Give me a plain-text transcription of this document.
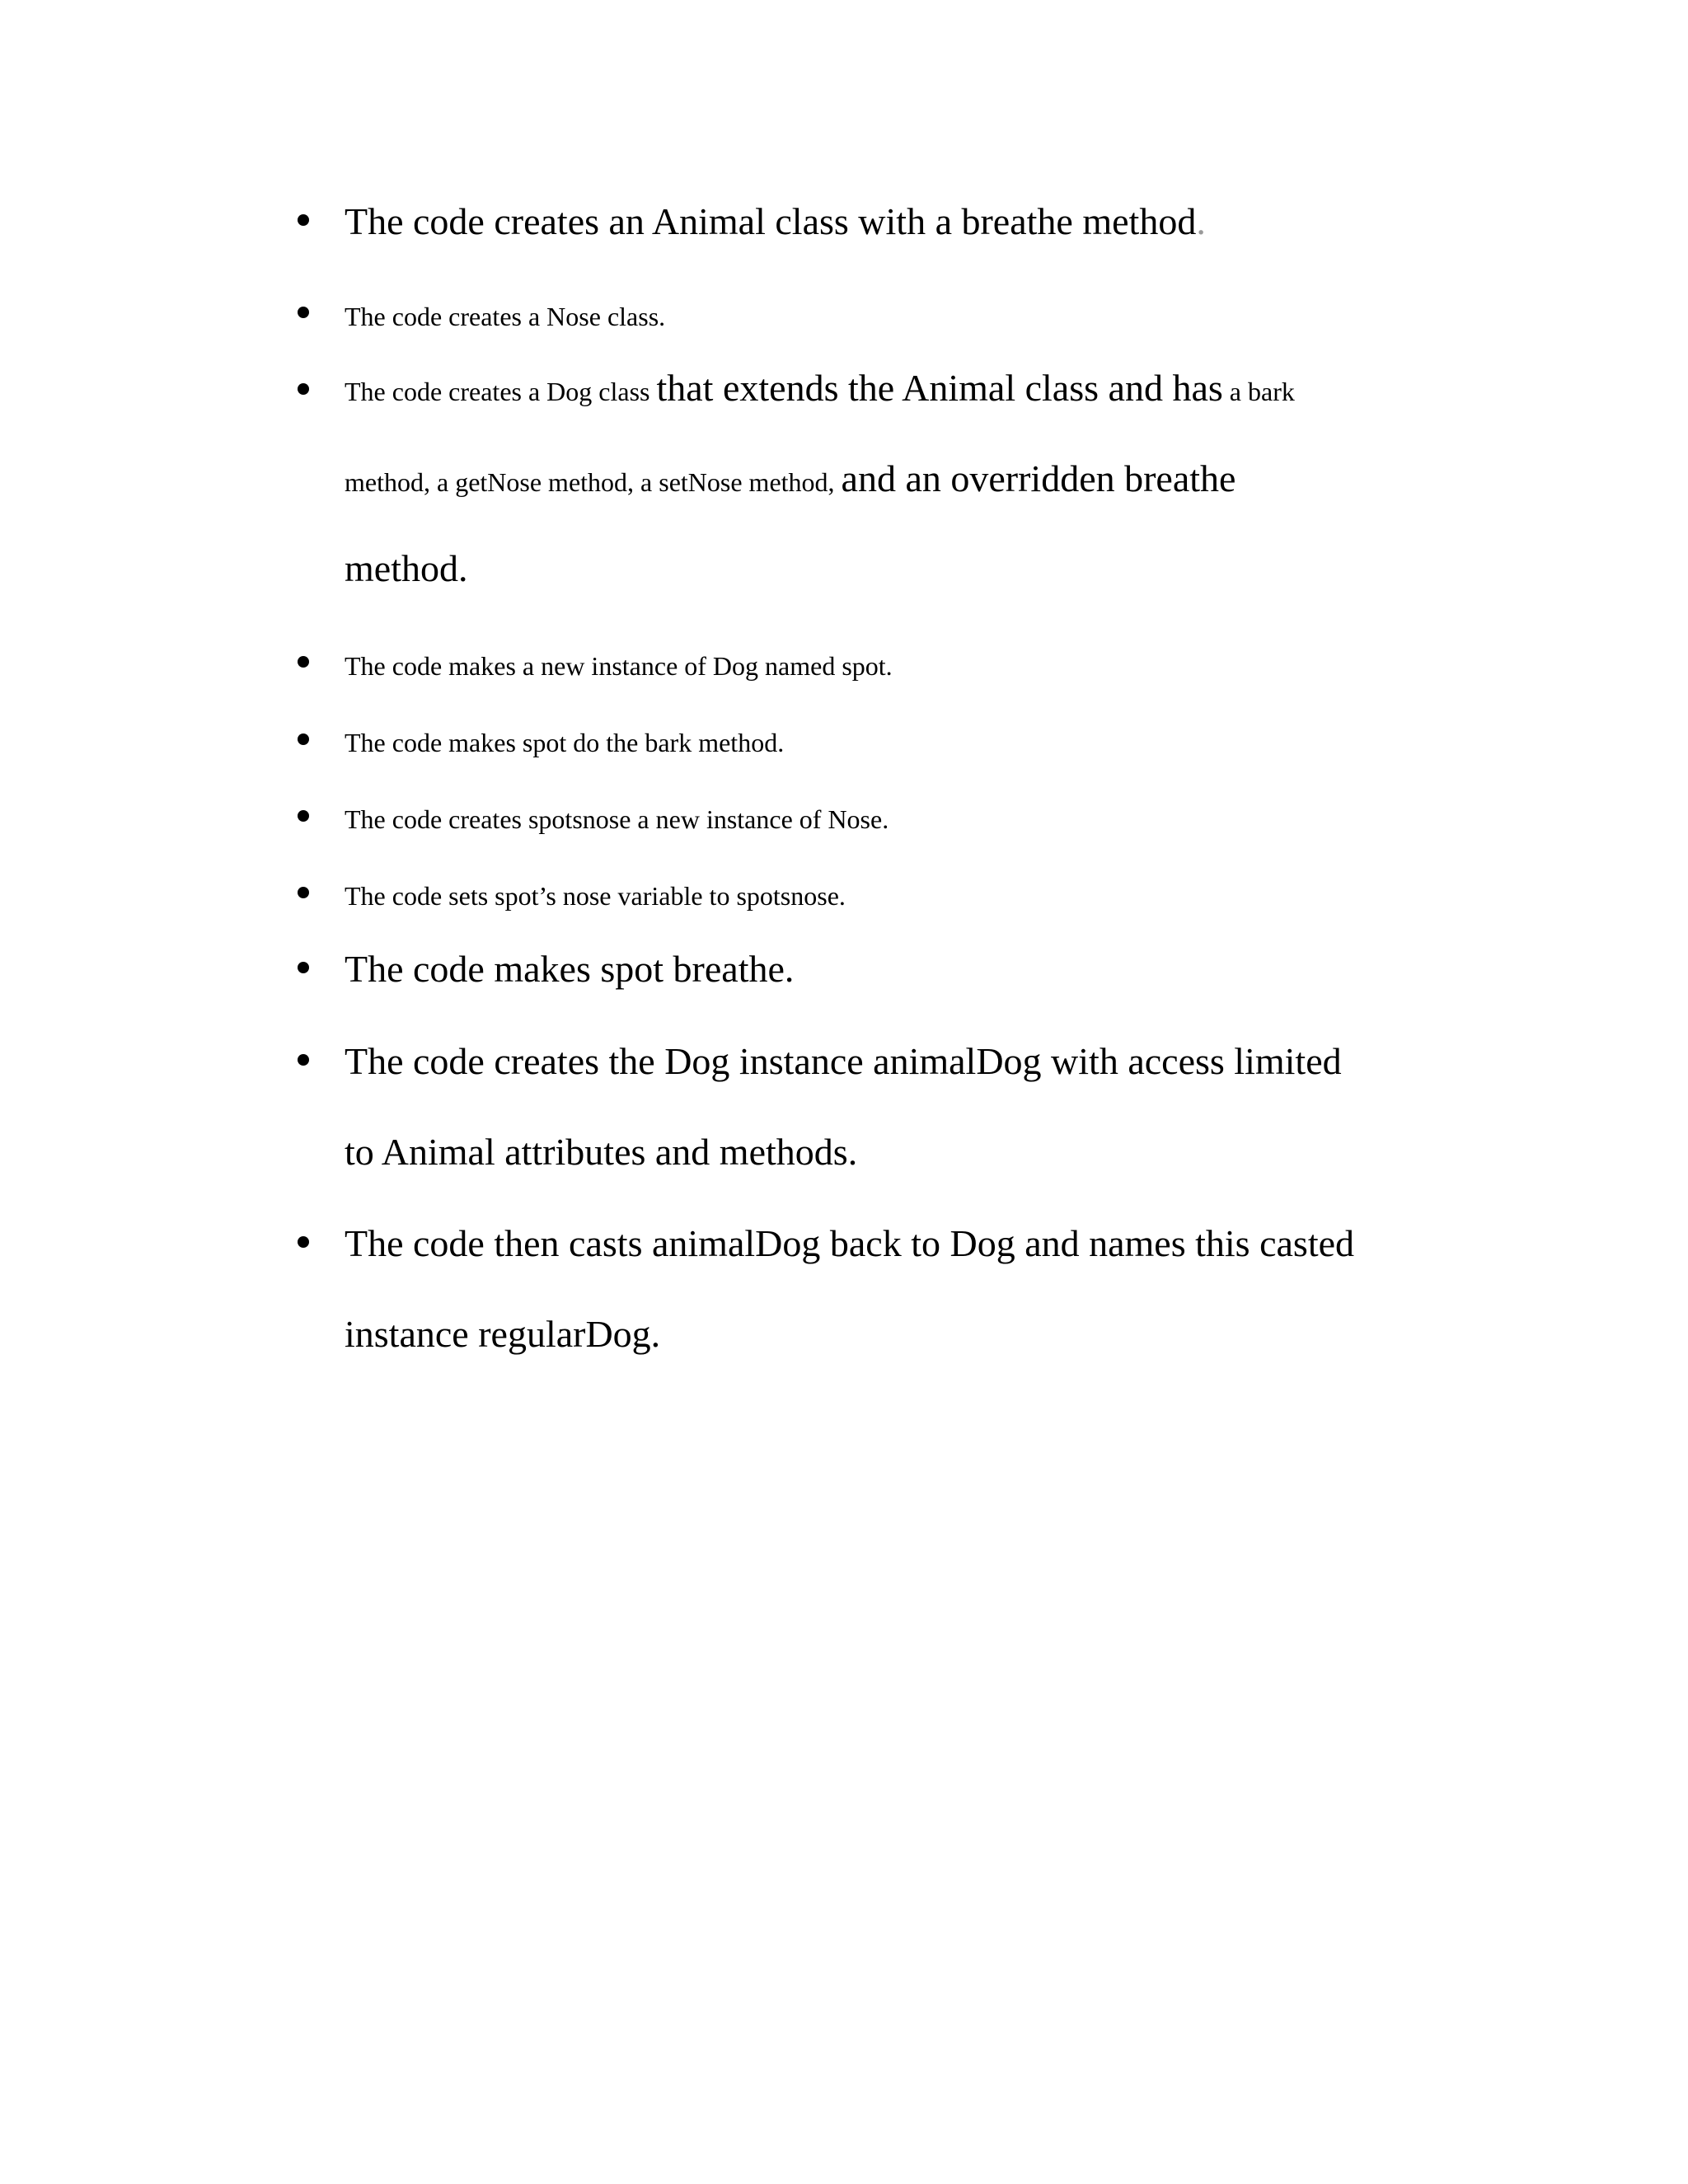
The code creates an Animal class with a breathe method.
The code creates a Nose class.
The code creates a Dog class that extends the Animal class and has a bark
method, a getNose method, a setNose method, and an overridden breathe
method.
The code makes a new instance of Dog named spot.
The code makes spot do the bark method.
The code creates spotsnose a new instance of Nose.
The code sets spot’s nose variable to spotsnose.
The code makes spot breathe.
The code creates the Dog instance animalDog with access limited
to Animal attributes and methods.
The code then casts animalDog back to Dog and names this casted
instance regularDog.
